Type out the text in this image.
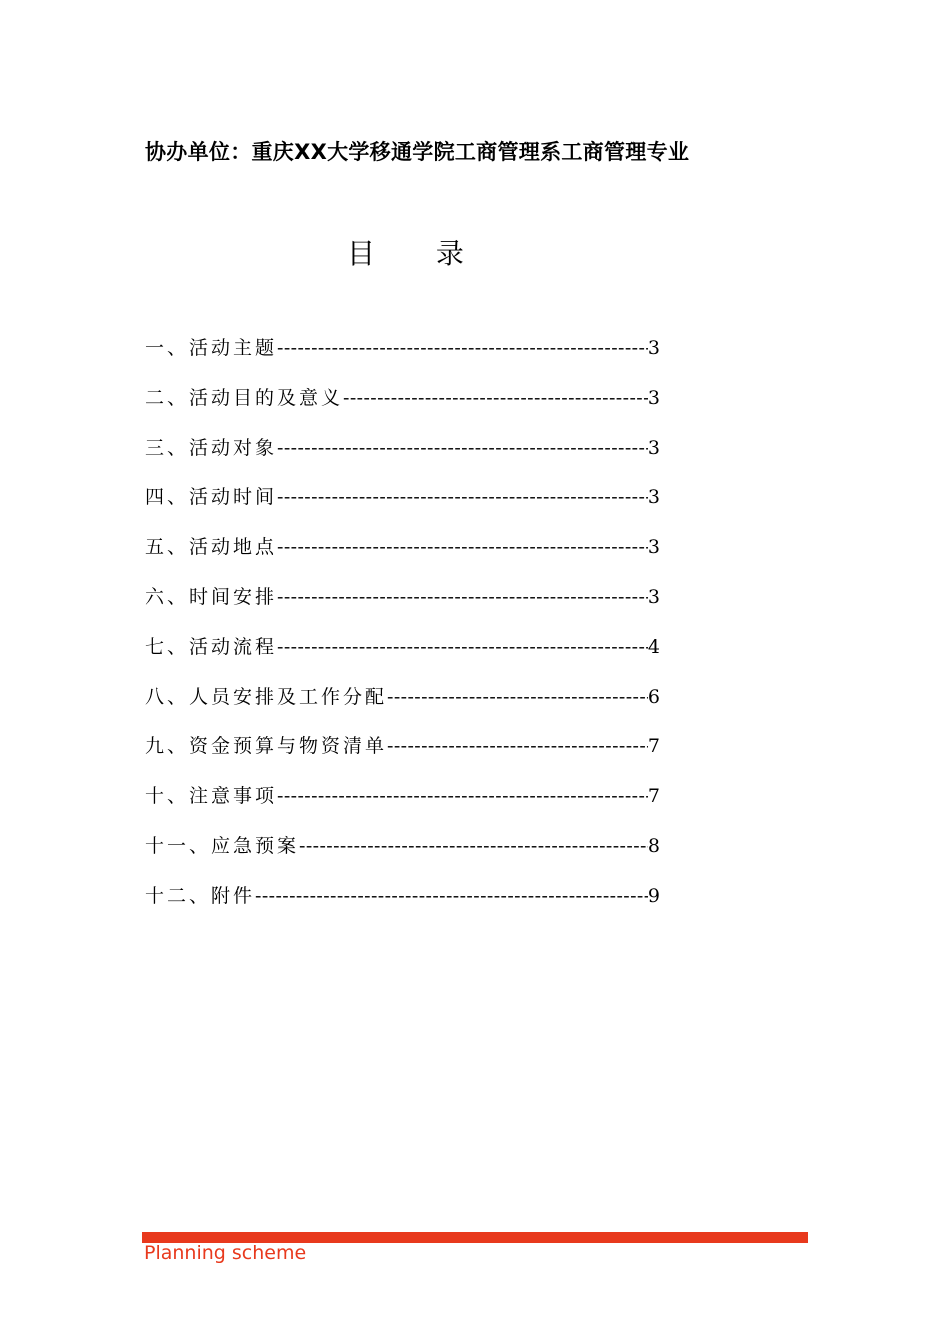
协办单位：重庆XX大学移通学院工商管理系工商管理专业
目 录
一、活动主题 -----	3
二、活动目的及意义 -----	3
三、活动对象 -----	3
四、活动时间 -----	3
五、活动地点 -----	3
六、时间安排 -----	3
七、活动流程 -----	4
八、人员安排及工作分配 -----	6
九、资金预算与物资清单 -----	7
十、注意事项 -----	7
十一、应急预案 -----	8
十二、附件 -----	9
Planning scheme
